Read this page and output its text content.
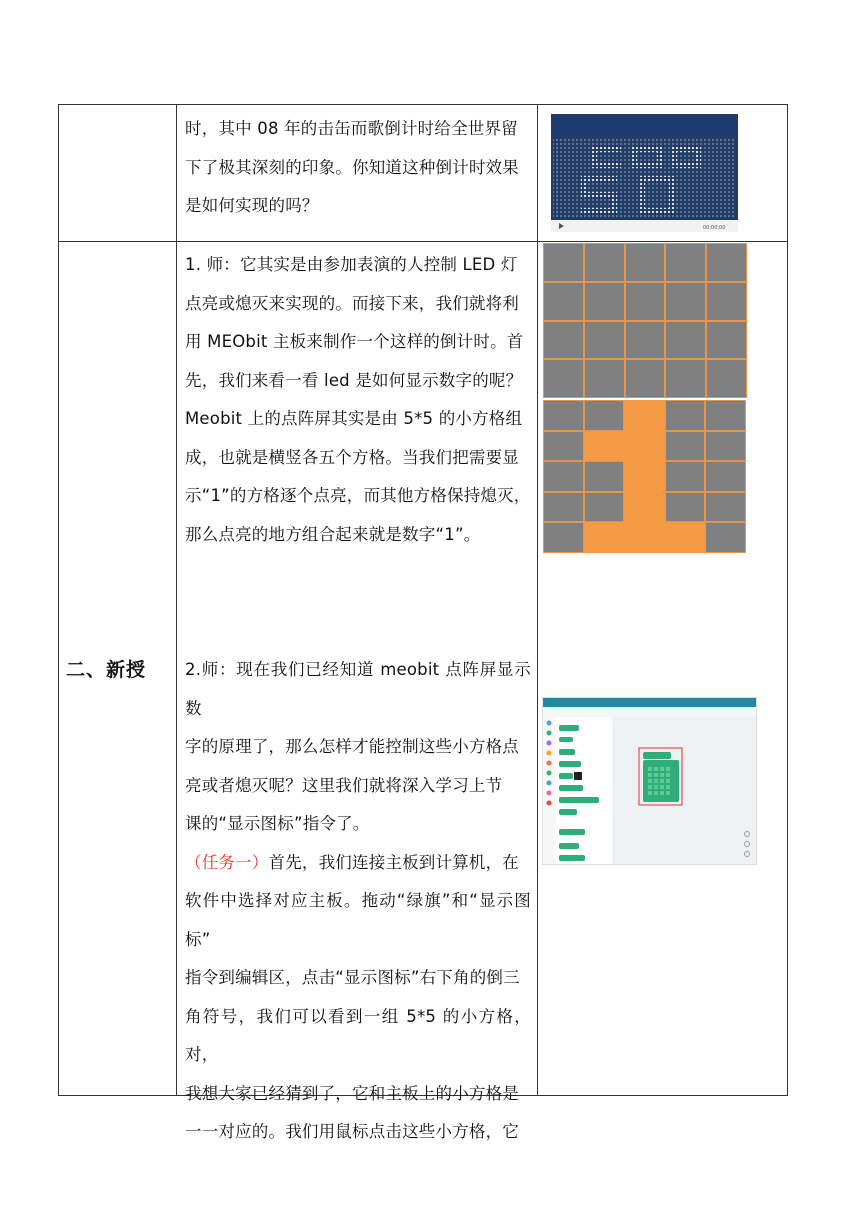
时，其中 08 年的击缶而歌倒计时给全世界留

下了极其深刻的印象。你知道这种倒计时效果

是如何实现的吗？

00:00:00
二、新授

1. 师：它其实是由参加表演的人控制 LED 灯

点亮或熄灭来实现的。而接下来，我们就将利

用 MEObit 主板来制作一个这样的倒计时。首

先，我们来看一看 led 是如何显示数字的呢？

Meobit 上的点阵屏其实是由 5*5 的小方格组

成，也就是横竖各五个方格。当我们把需要显

示“1”的方格逐个点亮，而其他方格保持熄灭，

那么点亮的地方组合起来就是数字“1”。

2.师：现在我们已经知道 meobit 点阵屏显示数

字的原理了，那么怎样才能控制这些小方格点

亮或者熄灭呢？这里我们就将深入学习上节

课的“显示图标”指令了。

（任务一）首先，我们连接主板到计算机，在

软件中选择对应主板。拖动“绿旗”和“显示图标”

指令到编辑区，点击“显示图标”右下角的倒三

角符号，我们可以看到一组 5*5 的小方格，对，

我想大家已经猜到了，它和主板上的小方格是

一一对应的。我们用鼠标点击这些小方格，它
